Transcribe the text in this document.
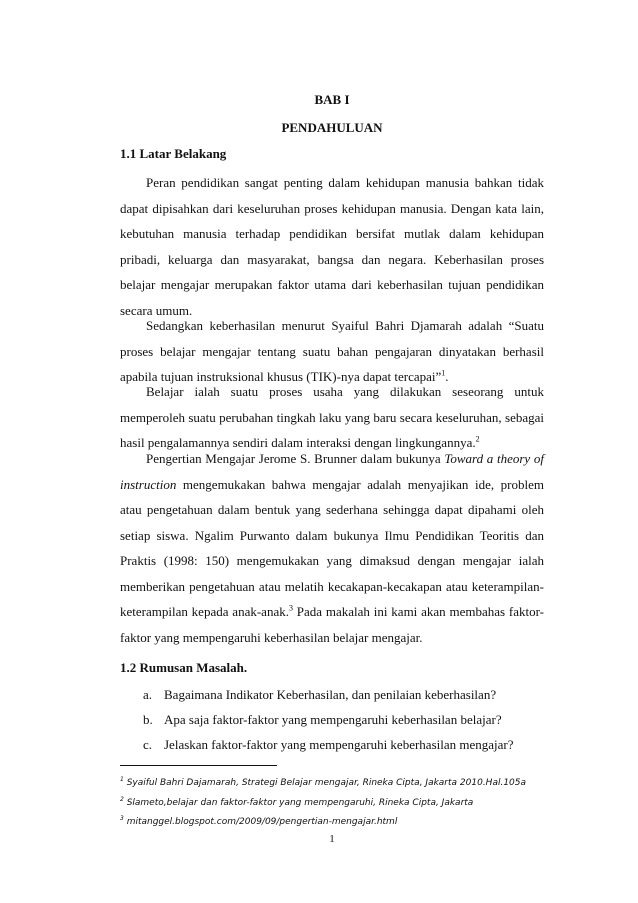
BAB I
PENDAHULUAN
1.1 Latar Belakang

Peran pendidikan sangat penting dalam kehidupan manusia bahkan tidak dapat dipisahkan dari keseluruhan proses kehidupan manusia. Dengan kata lain, kebutuhan manusia terhadap pendidikan bersifat mutlak dalam kehidupan pribadi, keluarga dan masyarakat, bangsa dan negara. Keberhasilan proses belajar mengajar merupakan faktor utama dari keberhasilan tujuan pendidikan secara umum.

Sedangkan keberhasilan menurut Syaiful Bahri Djamarah adalah “Suatu proses belajar mengajar tentang suatu bahan pengajaran dinyatakan berhasil apabila tujuan instruksional khusus (TIK)-nya dapat tercapai”$^1$.

Belajar ialah suatu proses usaha yang dilakukan seseorang untuk memperoleh suatu perubahan tingkah laku yang baru secara keseluruhan, sebagai hasil pengalamannya sendiri dalam interaksi dengan lingkungannya.$^2$

Pengertian Mengajar Jerome S. Brunner dalam bukunya Toward a theory of instruction mengemukakan bahwa mengajar adalah menyajikan ide, problem atau pengetahuan dalam bentuk yang sederhana sehingga dapat dipahami oleh setiap siswa. Ngalim Purwanto dalam bukunya Ilmu Pendidikan Teoritis dan Praktis (1998: 150) mengemukakan yang dimaksud dengan mengajar ialah memberikan pengetahuan atau melatih kecakapan-kecakapan atau keterampilan-keterampilan kepada anak-anak.$^3$ Pada makalah ini kami akan membahas faktor-faktor yang mempengaruhi keberhasilan belajar mengajar.

1.2 Rumusan Masalah.
a. Bagaimana Indikator Keberhasilan, dan penilaian keberhasilan?
b. Apa saja faktor-faktor yang mempengaruhi keberhasilan belajar?
c. Jelaskan faktor-faktor yang mempengaruhi keberhasilan mengajar?
$^1$ Syaiful Bahri Dajamarah, Strategi Belajar mengajar, Rineka Cipta, Jakarta 2010.Hal.105a
$^2$ Slameto,belajar dan faktor-faktor yang mempengaruhi, Rineka Cipta, Jakarta
$^3$ mitanggel.blogspot.com/2009/09/pengertian-mengajar.html
1
